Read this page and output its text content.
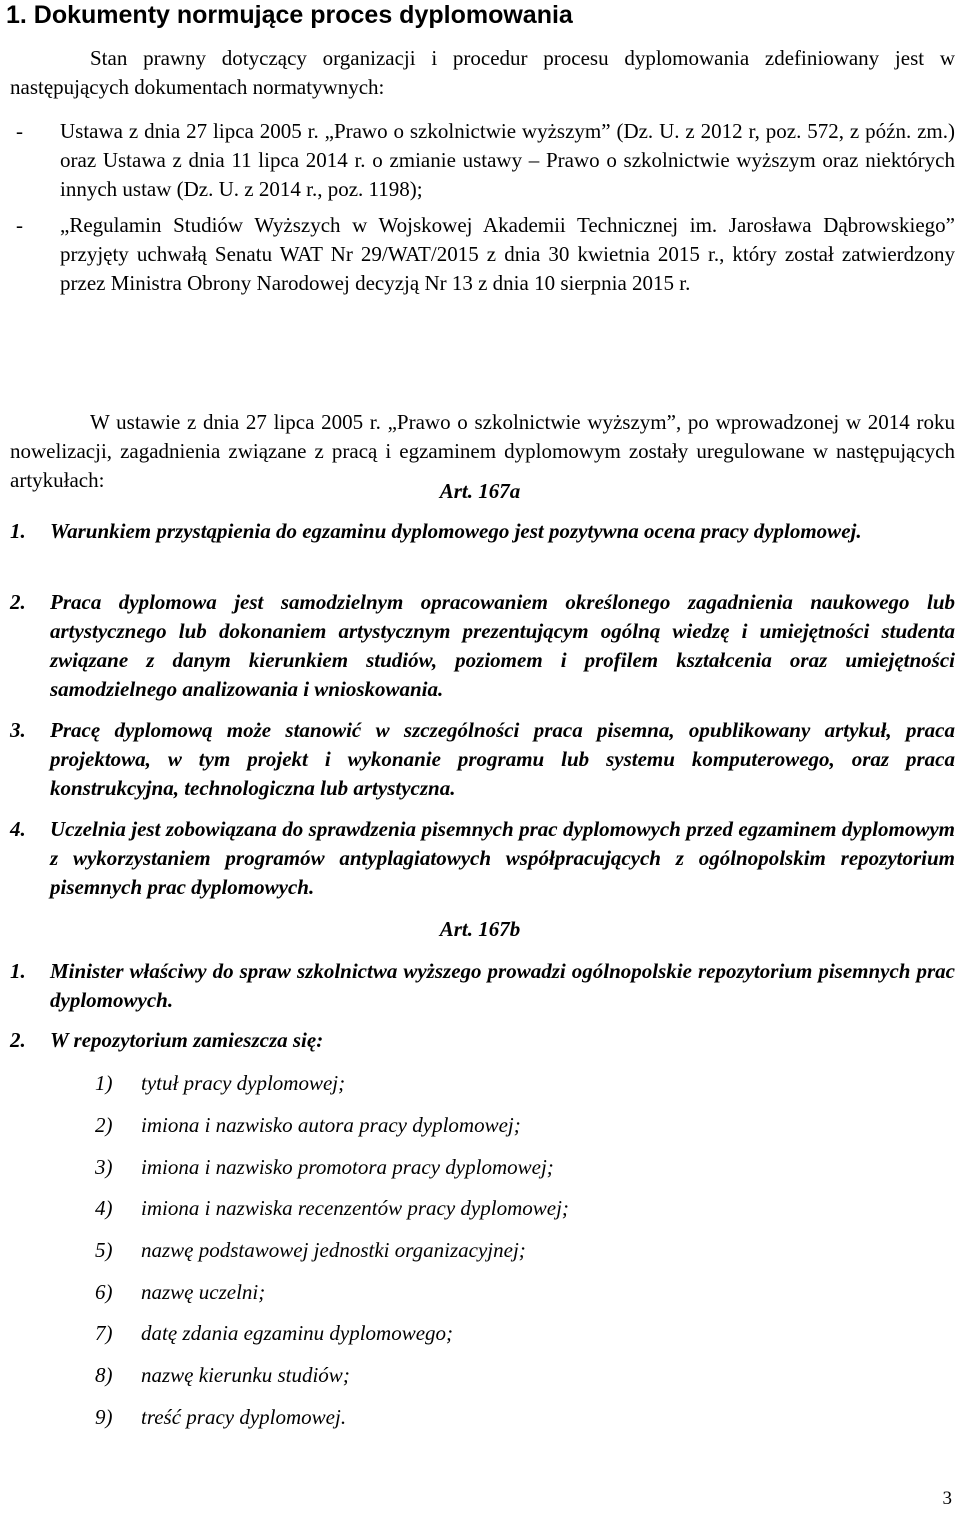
1. Dokumenty normujące proces dyplomowania

Stan prawny dotyczący organizacji i procedur procesu dyplomowania zdefiniowany jest w następujących dokumentach normatywnych:

- Ustawa z dnia 27 lipca 2005 r. „Prawo o szkolnictwie wyższym” (Dz. U. z 2012 r, poz. 572, z późn. zm.) oraz Ustawa z dnia 11 lipca 2014 r. o zmianie ustawy – Prawo o szkolnictwie wyższym oraz niektórych innych ustaw (Dz. U. z 2014 r., poz. 1198);
- „Regulamin Studiów Wyższych w Wojskowej Akademii Technicznej im. Jarosława Dąbrowskiego” przyjęty uchwałą Senatu WAT Nr 29/WAT/2015 z dnia 30 kwietnia 2015 r., który został zatwierdzony przez Ministra Obrony Narodowej decyzją Nr 13 z dnia 10 sierpnia 2015 r.

W ustawie z dnia 27 lipca 2005 r. „Prawo o szkolnictwie wyższym”, po wprowadzonej w 2014 roku nowelizacji, zagadnienia związane z pracą i egzaminem dyplomowym zostały uregulowane w następujących artykułach:	Art. 167a
1. Warunkiem przystąpienia do egzaminu dyplomowego jest pozytywna ocena pracy dyplomowej.
2. Praca dyplomowa jest samodzielnym opracowaniem określonego zagadnienia naukowego lub artystycznego lub dokonaniem artystycznym prezentującym ogólną wiedzę i umiejętności studenta związane z danym kierunkiem studiów, poziomem i profilem kształcenia oraz umiejętności samodzielnego analizowania i wnioskowania.
3. Pracę dyplomową może stanowić w szczególności praca pisemna, opublikowany artykuł, praca projektowa, w tym projekt i wykonanie programu lub systemu komputerowego, oraz praca konstrukcyjna, technologiczna lub artystyczna.
4. Uczelnia jest zobowiązana do sprawdzenia pisemnych prac dyplomowych przed egzaminem dyplomowym z wykorzystaniem programów antyplagiatowych współpracujących z ogólnopolskim repozytorium pisemnych prac dyplomowych.
Art. 167b
1. Minister właściwy do spraw szkolnictwa wyższego prowadzi ogólnopolskie repozytorium pisemnych prac dyplomowych.
2. W repozytorium zamieszcza się:
1) tytuł pracy dyplomowej;
2) imiona i nazwisko autora pracy dyplomowej;
3) imiona i nazwisko promotora pracy dyplomowej;
4) imiona i nazwiska recenzentów pracy dyplomowej;
5) nazwę podstawowej jednostki organizacyjnej;
6) nazwę uczelni;
7) datę zdania egzaminu dyplomowego;
8) nazwę kierunku studiów;
9) treść pracy dyplomowej.
3
